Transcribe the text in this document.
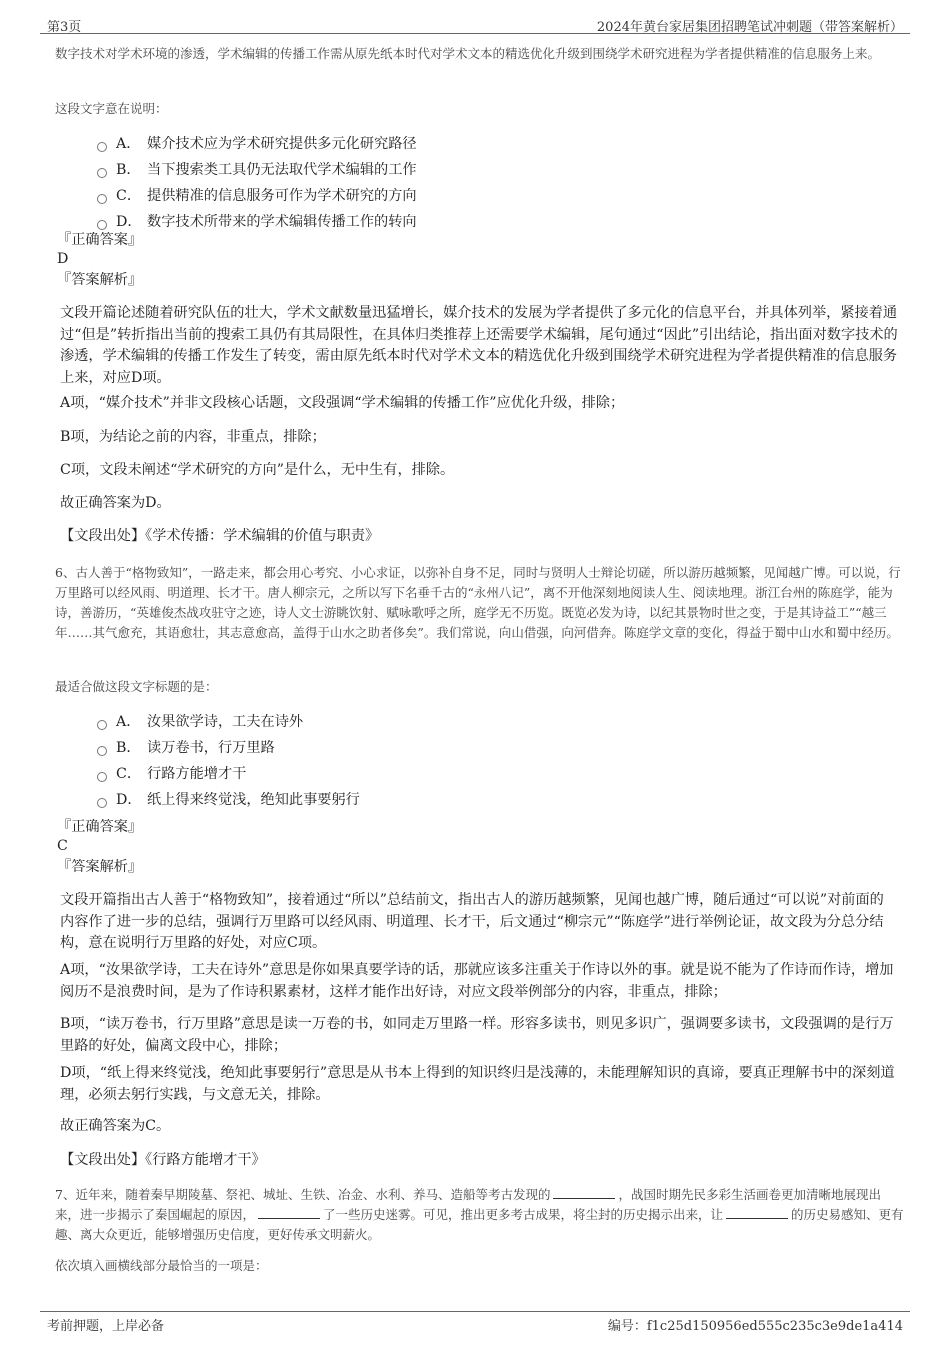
第3页	2024年黄台家居集团招聘笔试冲刺题（带答案解析）
数字技术对学术环境的渗透，学术编辑的传播工作需从原先纸本时代对学术文本的精选优化升级到围绕学术研究进程为学者提供精准的信息服务上来。
这段文字意在说明：
A． 媒介技术应为学术研究提供多元化研究路径
B． 当下搜索类工具仍无法取代学术编辑的工作
C． 提供精准的信息服务可作为学术研究的方向
D． 数字技术所带来的学术编辑传播工作的转向
『正确答案』
D
『答案解析』
文段开篇论述随着研究队伍的壮大，学术文献数量迅猛增长，媒介技术的发展为学者提供了多元化的信息平台，并具体列举，紧接着通过“但是”转折指出当前的搜索工具仍有其局限性，在具体归类推荐上还需要学术编辑，尾句通过“因此”引出结论，指出面对数字技术的渗透，学术编辑的传播工作发生了转变，需由原先纸本时代对学术文本的精选优化升级到围绕学术研究进程为学者提供精准的信息服务上来，对应D项。
A项，“媒介技术”并非文段核心话题，文段强调“学术编辑的传播工作”应优化升级，排除；
B项，为结论之前的内容，非重点，排除；
C项，文段未阐述“学术研究的方向”是什么，无中生有，排除。
故正确答案为D。
【文段出处】《学术传播：学术编辑的价值与职责》
6、古人善于“格物致知”，一路走来，都会用心考究、小心求证，以弥补自身不足，同时与贤明人士辩论切磋，所以游历越频繁，见闻越广博。可以说，行万里路可以经风雨、明道理、长才干。唐人柳宗元，之所以写下名垂千古的“永州八记”，离不开他深刻地阅读人生、阅读地理。浙江台州的陈庭学，能为诗，善游历，“英雄俊杰战攻驻守之迹，诗人文士游眺饮射、赋咏歌呼之所，庭学无不历览。既览必发为诗，以纪其景物时世之变，于是其诗益工”“越三年……其气愈充，其语愈壮，其志意愈高，盖得于山水之助者侈矣”。我们常说，向山借强，向河借奔。陈庭学文章的变化，得益于蜀中山水和蜀中经历。
最适合做这段文字标题的是：
A． 汝果欲学诗，工夫在诗外
B． 读万卷书，行万里路
C． 行路方能增才干
D． 纸上得来终觉浅，绝知此事要躬行
『正确答案』
C
『答案解析』
文段开篇指出古人善于“格物致知”，接着通过“所以”总结前文，指出古人的游历越频繁，见闻也越广博，随后通过“可以说”对前面的内容作了进一步的总结，强调行万里路可以经风雨、明道理、长才干，后文通过“柳宗元”“陈庭学”进行举例论证，故文段为分总分结构，意在说明行万里路的好处，对应C项。
A项，“汝果欲学诗，工夫在诗外”意思是你如果真要学诗的话，那就应该多注重关于作诗以外的事。就是说不能为了作诗而作诗，增加阅历不是浪费时间，是为了作诗积累素材，这样才能作出好诗，对应文段举例部分的内容，非重点，排除；
B项，“读万卷书，行万里路”意思是读一万卷的书，如同走万里路一样。形容多读书，则见多识广，强调要多读书，文段强调的是行万里路的好处，偏离文段中心，排除；
D项，“纸上得来终觉浅，绝知此事要躬行”意思是从书本上得到的知识终归是浅薄的，未能理解知识的真谛，要真正理解书中的深刻道理，必须去躬行实践，与文意无关，排除。
故正确答案为C。
【文段出处】《行路方能增才干》
7、近年来，随着秦早期陵墓、祭祀、城址、生铁、冶金、水利、养马、造船等考古发现的	，战国时期先民多彩生活画卷更加清晰地展现出来，进一步揭示了秦国崛起的原因，	了一些历史迷雾。可见，推出更多考古成果，将尘封的历史揭示出来，让	的历史易感知、更有趣、离大众更近，能够增强历史信度，更好传承文明薪火。
依次填入画横线部分最恰当的一项是：
考前押题，上岸必备	编号：f1c25d150956ed555c235c3e9de1a414
